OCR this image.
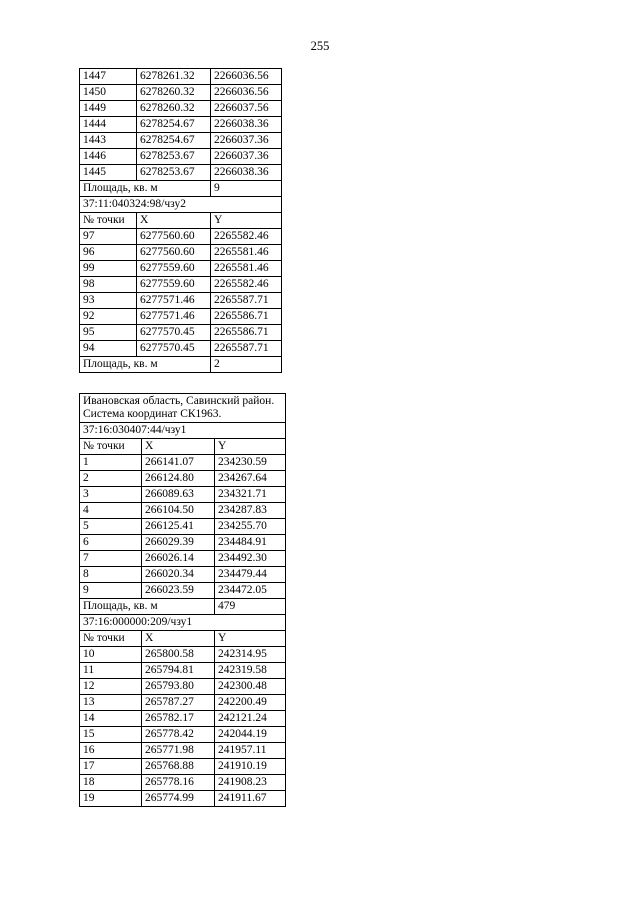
255
1447	6278261.32	2266036.56
1450	6278260.32	2266036.56
1449	6278260.32	2266037.56
1444	6278254.67	2266038.36
1443	6278254.67	2266037.36
1446	6278253.67	2266037.36
1445	6278253.67	2266038.36
Площадь, кв. м		9
37:11:040324:98/чзу2		
№ точки	X	Y
97	6277560.60	2265582.46
96	6277560.60	2265581.46
99	6277559.60	2265581.46
98	6277559.60	2265582.46
93	6277571.46	2265587.71
92	6277571.46	2265586.71
95	6277570.45	2265586.71
94	6277570.45	2265587.71
Площадь, кв. м		2
Ивановская область, Савинский район.
Система координат СК1963.		

37:16:030407:44/чзу1		
№ точки	X	Y
1	266141.07	234230.59
2	266124.80	234267.64
3	266089.63	234321.71
4	266104.50	234287.83
5	266125.41	234255.70
6	266029.39	234484.91
7	266026.14	234492.30
8	266020.34	234479.44
9	266023.59	234472.05
Площадь, кв. м		479
37:16:000000:209/чзу1		
№ точки	X	Y
10	265800.58	242314.95
11	265794.81	242319.58
12	265793.80	242300.48
13	265787.27	242200.49
14	265782.17	242121.24
15	265778.42	242044.19
16	265771.98	241957.11
17	265768.88	241910.19
18	265778.16	241908.23
19	265774.99	241911.67
